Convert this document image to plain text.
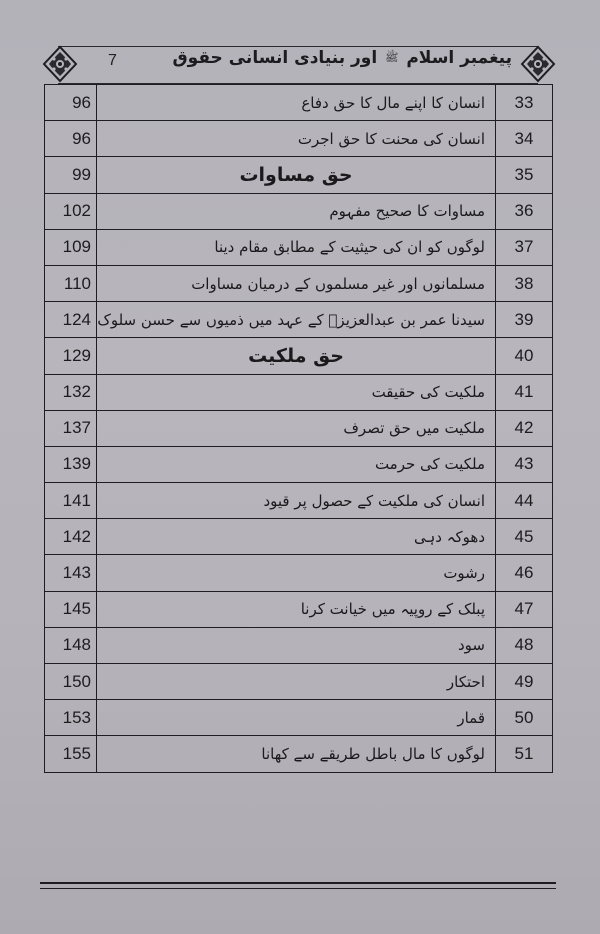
7	پیغمبر اسلام ﷺ اور بنیادی انسانی حقوق
96	انسان کا اپنے مال کا حق دفاع	33
96	انسان کی محنت کا حق اجرت	34
99	حق مساوات	35
102	مساوات کا صحیح مفہوم	36
109	لوگوں کو ان کی حیثیت کے مطابق مقام دینا	37
110	مسلمانوں اور غیر مسلموں کے درمیان مساوات	38
124	سیدنا عمر بن عبدالعزیزؒ کے عہد میں ذمیوں سے حسن سلوک	39
129	حق ملکیت	40
132	ملکیت کی حقیقت	41
137	ملکیت میں حق تصرف	42
139	ملکیت کی حرمت	43
141	انسان کی ملکیت کے حصول پر قیود	44
142	دھوکہ دہی	45
143	رشوت	46
145	پبلک کے روپیہ میں خیانت کرنا	47
148	سود	48
150	احتکار	49
153	قمار	50
155	لوگوں کا مال باطل طریقے سے کھانا	51
